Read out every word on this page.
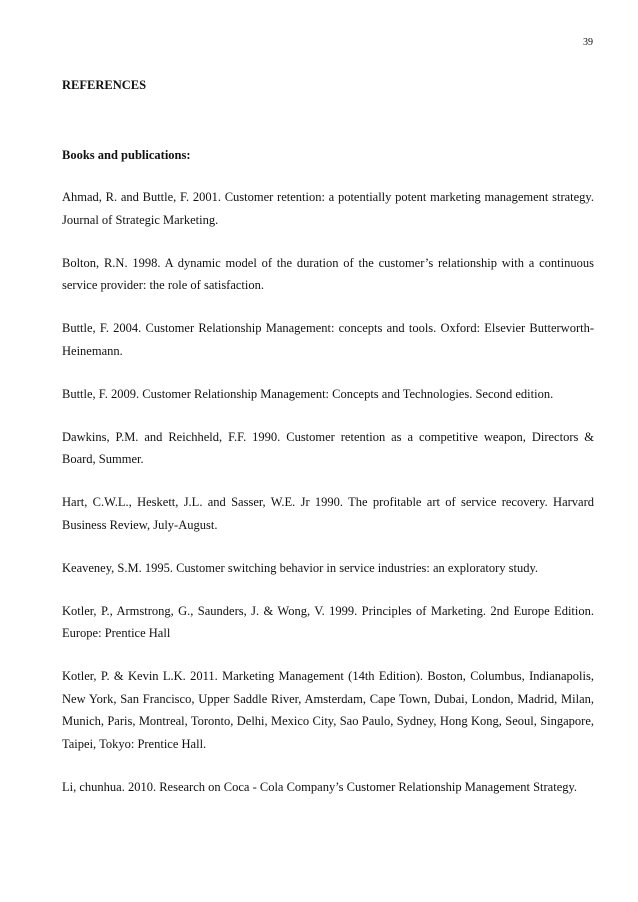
39
REFERENCES
Books and publications:
Ahmad, R. and Buttle, F. 2001. Customer retention: a potentially potent marketing management strategy. Journal of Strategic Marketing.
Bolton, R.N. 1998. A dynamic model of the duration of the customer’s relationship with a continuous service provider: the role of satisfaction.
Buttle, F. 2004. Customer Relationship Management: concepts and tools. Oxford: Elsevier Butterworth-Heinemann.
Buttle, F. 2009. Customer Relationship Management: Concepts and Technologies. Second edition.
Dawkins, P.M. and Reichheld, F.F. 1990. Customer retention as a competitive weapon, Directors & Board, Summer.
Hart, C.W.L., Heskett, J.L. and Sasser, W.E. Jr 1990. The profitable art of service recovery. Harvard Business Review, July-August.
Keaveney, S.M. 1995. Customer switching behavior in service industries: an exploratory study.
Kotler, P., Armstrong, G., Saunders, J. & Wong, V. 1999. Principles of Marketing. 2nd Europe Edition. Europe: Prentice Hall
Kotler, P. & Kevin L.K. 2011. Marketing Management (14th Edition). Boston, Columbus, Indianapolis, New York, San Francisco, Upper Saddle River, Amsterdam, Cape Town, Dubai, London, Madrid, Milan, Munich, Paris, Montreal, Toronto, Delhi, Mexico City, Sao Paulo, Sydney, Hong Kong, Seoul, Singapore, Taipei, Tokyo: Prentice Hall.
Li, chunhua. 2010. Research on Coca - Cola Company’s Customer Relationship Management Strategy.
